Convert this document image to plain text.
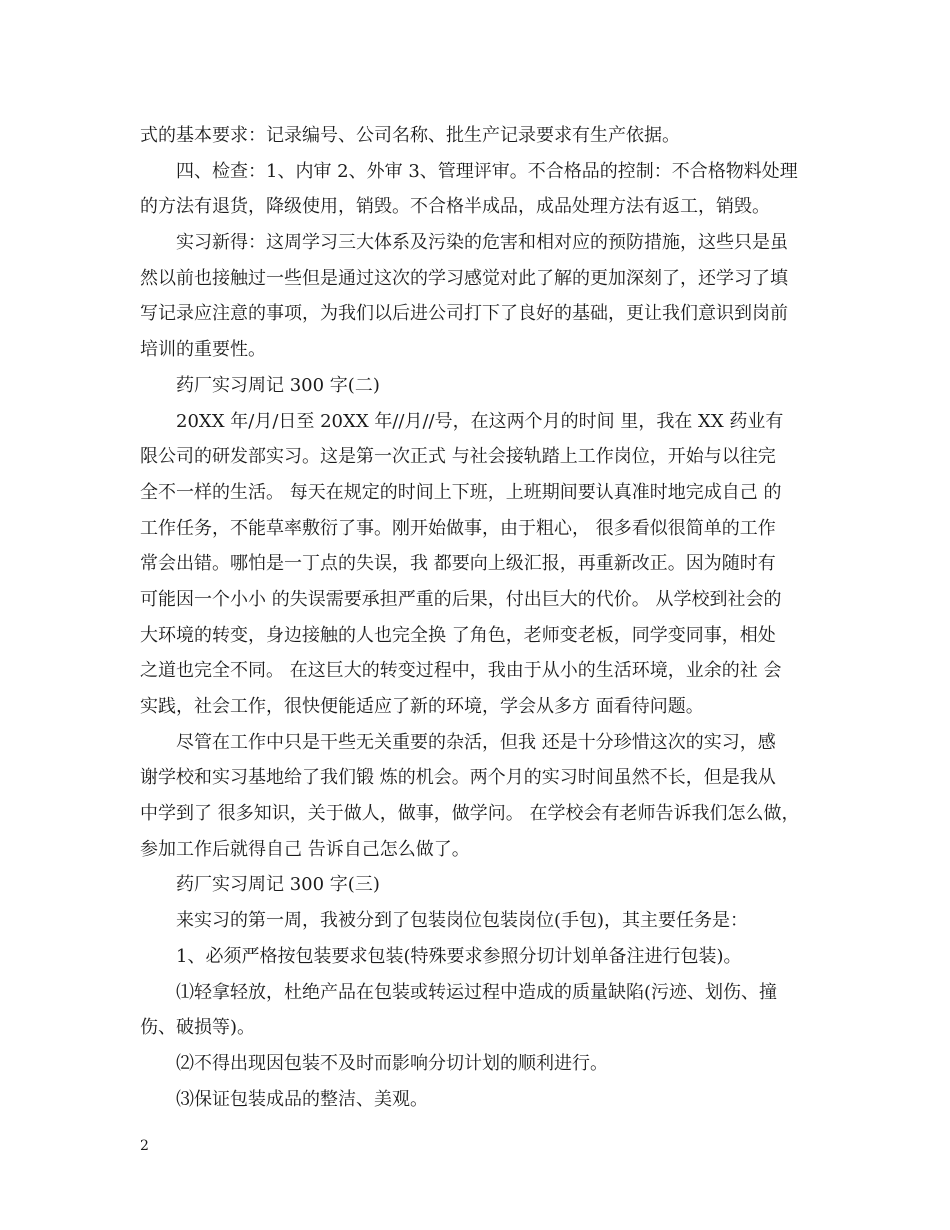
式的基本要求：记录编号、公司名称、批生产记录要求有生产依据。
四、检查：1、内审 2、外审 3、管理评审。不合格品的控制：不合格物料处理
的方法有退货，降级使用，销毁。不合格半成品，成品处理方法有返工，销毁。
实习新得：这周学习三大体系及污染的危害和相对应的预防措施，这些只是虽
然以前也接触过一些但是通过这次的学习感觉对此了解的更加深刻了，还学习了填
写记录应注意的事项，为我们以后进公司打下了良好的基础，更让我们意识到岗前
培训的重要性。
药厂实习周记 300 字(二)
20XX 年/月/日至 20XX 年//月//号，在这两个月的时间 里，我在 XX 药业有
限公司的研发部实习。这是第一次正式 与社会接轨踏上工作岗位，开始与以往完
全不一样的生活。 每天在规定的时间上下班，上班期间要认真准时地完成自己 的
工作任务，不能草率敷衍了事。刚开始做事，由于粗心， 很多看似很简单的工作
常会出错。哪怕是一丁点的失误，我 都要向上级汇报，再重新改正。因为随时有
可能因一个小小 的失误需要承担严重的后果，付出巨大的代价。 从学校到社会的
大环境的转变，身边接触的人也完全换 了角色，老师变老板，同学变同事，相处
之道也完全不同。 在这巨大的转变过程中，我由于从小的生活环境，业余的社 会
实践，社会工作，很快便能适应了新的环境，学会从多方 面看待问题。
尽管在工作中只是干些无关重要的杂活，但我 还是十分珍惜这次的实习，感
谢学校和实习基地给了我们锻 炼的机会。两个月的实习时间虽然不长，但是我从
中学到了 很多知识，关于做人，做事，做学问。 在学校会有老师告诉我们怎么做，
参加工作后就得自己 告诉自己怎么做了。
药厂实习周记 300 字(三)
来实习的第一周，我被分到了包装岗位包装岗位(手包)，其主要任务是：
1、必须严格按包装要求包装(特殊要求参照分切计划单备注进行包装)。
⑴轻拿轻放，杜绝产品在包装或转运过程中造成的质量缺陷(污迹、划伤、撞
伤、破损等)。
⑵不得出现因包装不及时而影响分切计划的顺利进行。
⑶保证包装成品的整洁、美观。
2
